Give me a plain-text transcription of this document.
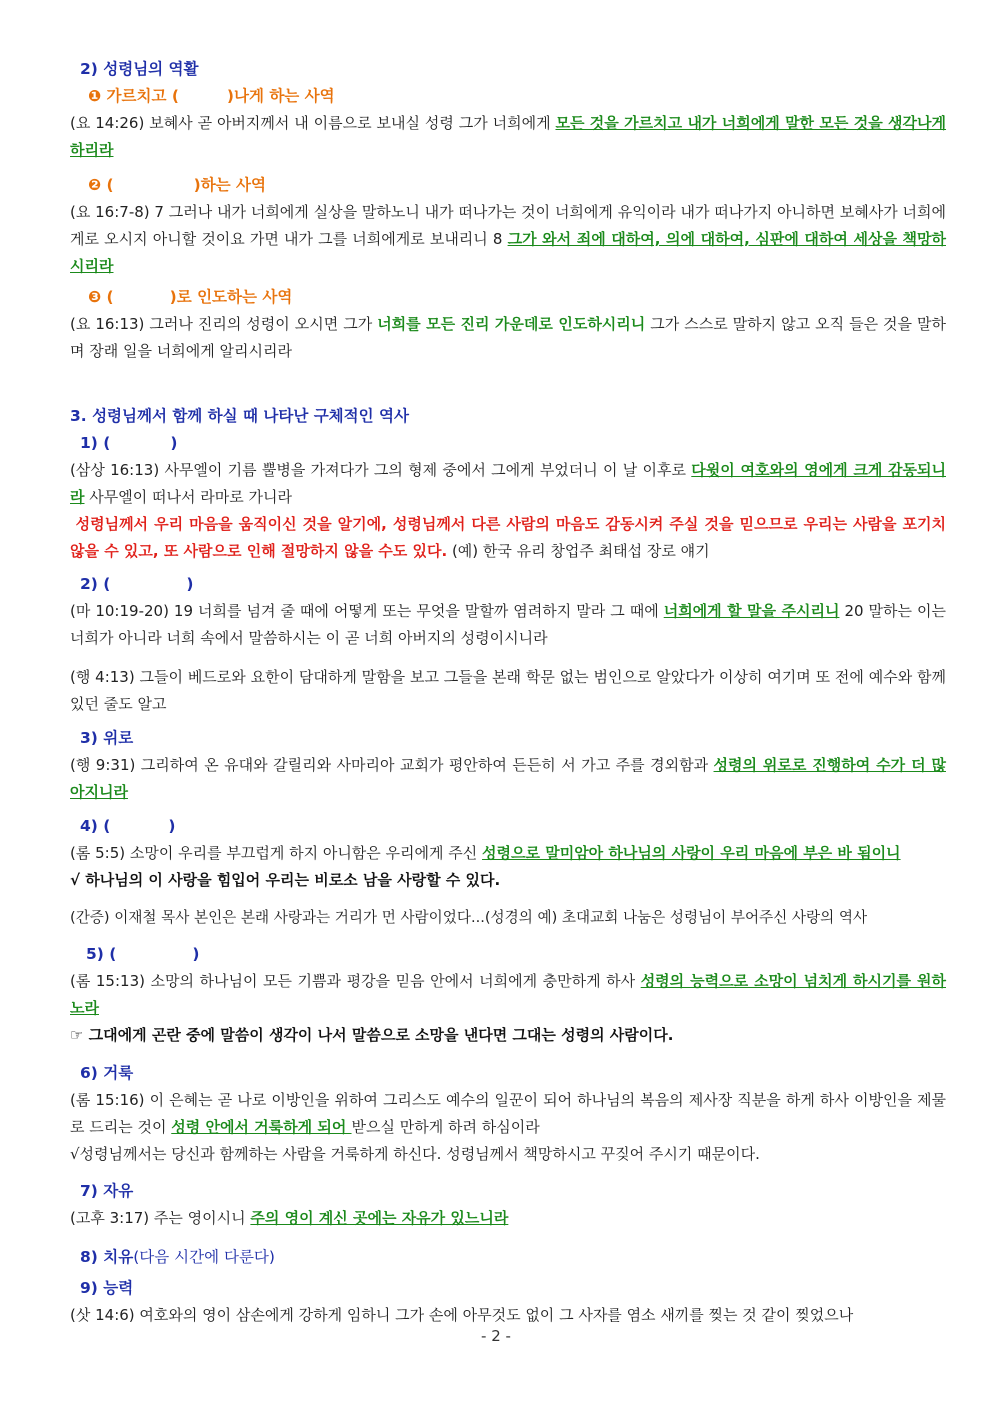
2) 성령님의 역활
❶ 가르치고 (	)나게 하는 사역
(요 14:26) 보혜사 곧 아버지께서 내 이름으로 보내실 성령 그가 너희에게 모든 것을 가르치고 내가 너희에게 말한 모든 것을 생각나게 하리라
❷ (	)하는 사역
(요 16:7-8) 7 그러나 내가 너희에게 실상을 말하노니 내가 떠나가는 것이 너희에게 유익이라 내가 떠나가지 아니하면 보혜사가 너희에게로 오시지 아니할 것이요 가면 내가 그를 너희에게로 보내리니 8 그가 와서 죄에 대하여, 의에 대하여, 심판에 대하여 세상을 책망하시리라
❸ (	)로 인도하는 사역
(요 16:13) 그러나 진리의 성령이 오시면 그가 너희를 모든 진리 가운데로 인도하시리니 그가 스스로 말하지 않고 오직 들은 것을 말하며 장래 일을 너희에게 알리시리라
3. 성령님께서 함께 하실 때 나타난 구체적인 역사
1) (	)
(삼상 16:13) 사무엘이 기름 뿔병을 가져다가 그의 형제 중에서 그에게 부었더니 이 날 이후로 다윗이 여호와의 영에게 크게 감동되니라 사무엘이 떠나서 라마로 가니라
성령님께서 우리 마음을 움직이신 것을 알기에, 성령님께서 다른 사람의 마음도 감동시켜 주실 것을 믿으므로 우리는 사람을 포기치 않을 수 있고, 또 사람으로 인해 절망하지 않을 수도 있다. (예) 한국 유리 창업주 최태섭 장로 얘기
2) (	)
(마 10:19-20) 19 너희를 넘겨 줄 때에 어떻게 또는 무엇을 말할까 염려하지 말라 그 때에 너희에게 할 말을 주시리니 20 말하는 이는 너희가 아니라 너희 속에서 말씀하시는 이 곧 너희 아버지의 성령이시니라
(행 4:13) 그들이 베드로와 요한이 담대하게 말함을 보고 그들을 본래 학문 없는 범인으로 알았다가 이상히 여기며 또 전에 예수와 함께 있던 줄도 알고
3) 위로
(행 9:31) 그리하여 온 유대와 갈릴리와 사마리아 교회가 평안하여 든든히 서 가고 주를 경외함과 성령의 위로로 진행하여 수가 더 많아지니라
4) (	)
(롬 5:5) 소망이 우리를 부끄럽게 하지 아니함은 우리에게 주신 성령으로 말미암아 하나님의 사랑이 우리 마음에 부은 바 됨이니
√ 하나님의 이 사랑을 힘입어 우리는 비로소 남을 사랑할 수 있다.
(간증) 이재철 목사 본인은 본래 사랑과는 거리가 먼 사람이었다...(성경의 예) 초대교회 나눔은 성령님이 부어주신 사랑의 역사
5) (	)
(롬 15:13) 소망의 하나님이 모든 기쁨과 평강을 믿음 안에서 너희에게 충만하게 하사 성령의 능력으로 소망이 넘치게 하시기를 원하노라
☞ 그대에게 곤란 중에 말씀이 생각이 나서 말씀으로 소망을 낸다면 그대는 성령의 사람이다.
6) 거룩
(롬 15:16) 이 은혜는 곧 나로 이방인을 위하여 그리스도 예수의 일꾼이 되어 하나님의 복음의 제사장 직분을 하게 하사 이방인을 제물로 드리는 것이 성령 안에서 거룩하게 되어 받으실 만하게 하려 하심이라
√성령님께서는 당신과 함께하는 사람을 거룩하게 하신다. 성령님께서 책망하시고 꾸짖어 주시기 때문이다.
7) 자유
(고후 3:17) 주는 영이시니 주의 영이 계신 곳에는 자유가 있느니라
8) 치유(다음 시간에 다룬다)
9) 능력
(삿 14:6) 여호와의 영이 삼손에게 강하게 임하니 그가 손에 아무것도 없이 그 사자를 염소 새끼를 찢는 것 같이 찢었으나
- 2 -
